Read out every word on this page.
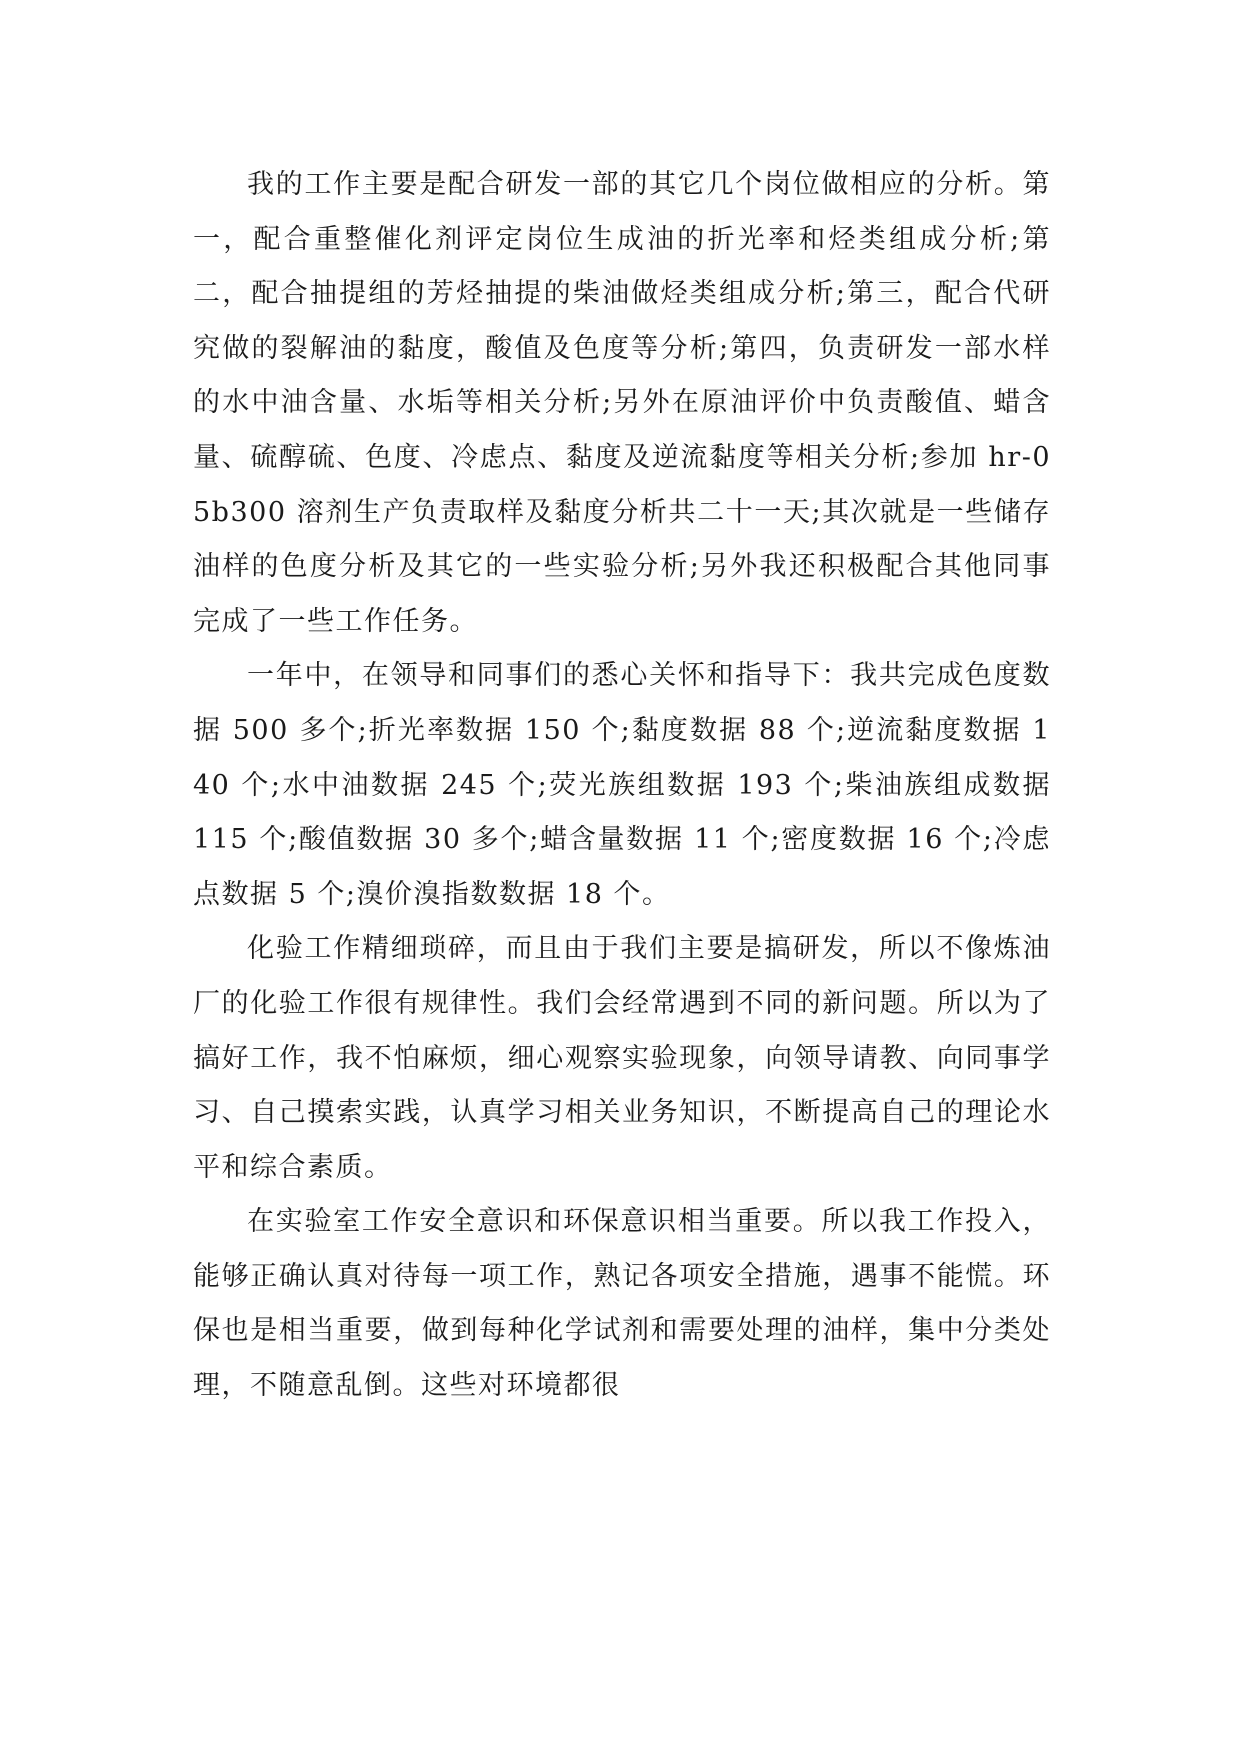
我的工作主要是配合研发一部的其它几个岗位做相应的分析。第一，配合重整催化剂评定岗位生成油的折光率和烃类组成分析;第二，配合抽提组的芳烃抽提的柴油做烃类组成分析;第三，配合代研究做的裂解油的黏度，酸值及色度等分析;第四，负责研发一部水样的水中油含量、水垢等相关分析;另外在原油评价中负责酸值、蜡含量、硫醇硫、色度、冷虑点、黏度及逆流黏度等相关分析;参加 hr-05b300 溶剂生产负责取样及黏度分析共二十一天;其次就是一些储存油样的色度分析及其它的一些实验分析;另外我还积极配合其他同事完成了一些工作任务。

一年中，在领导和同事们的悉心关怀和指导下：我共完成色度数据 500 多个;折光率数据 150 个;黏度数据 88 个;逆流黏度数据 140 个;水中油数据 245 个;荧光族组数据 193 个;柴油族组成数据 115 个;酸值数据 30 多个;蜡含量数据 11 个;密度数据 16 个;冷虑点数据 5 个;溴价溴指数数据 18 个。

化验工作精细琐碎，而且由于我们主要是搞研发，所以不像炼油厂的化验工作很有规律性。我们会经常遇到不同的新问题。所以为了搞好工作，我不怕麻烦，细心观察实验现象，向领导请教、向同事学习、自己摸索实践，认真学习相关业务知识，不断提高自己的理论水平和综合素质。

在实验室工作安全意识和环保意识相当重要。所以我工作投入，能够正确认真对待每一项工作，熟记各项安全措施，遇事不能慌。环保也是相当重要，做到每种化学试剂和需要处理的油样，集中分类处理，不随意乱倒。这些对环境都很
